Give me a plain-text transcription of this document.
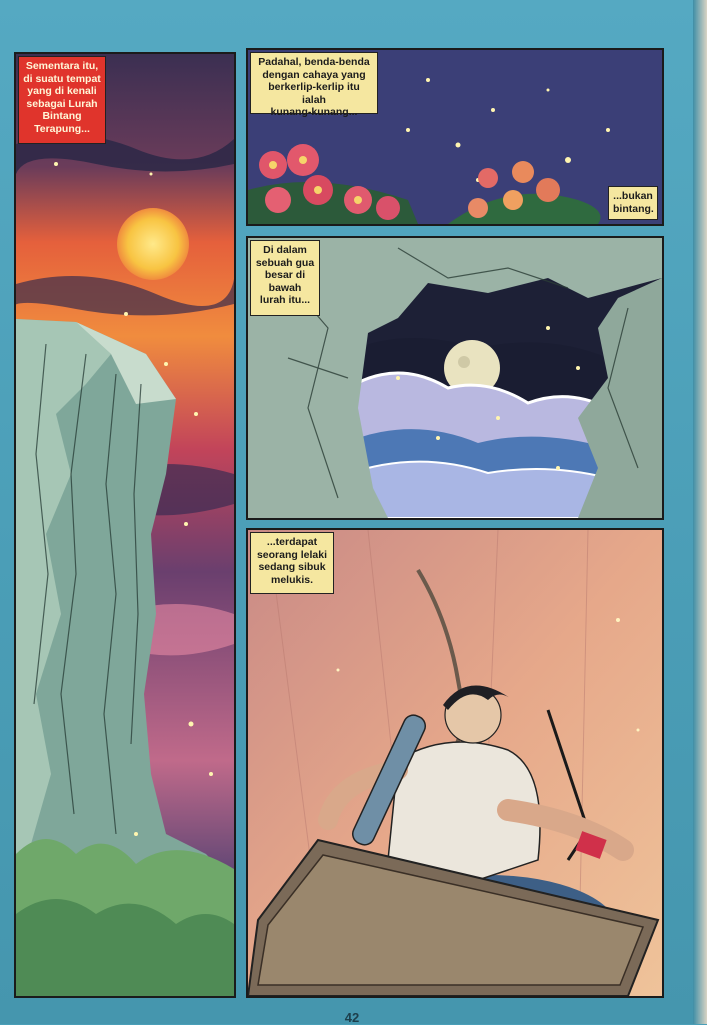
Sementara itu,
di suatu tempat
yang di kenali
sebagai Lurah
Bintang
Terapung...
Padahal, benda-benda
dengan cahaya yang
berkerlip-kerlip itu ialah
kunang-kunang...
...bukan
bintang.
Di dalam
sebuah gua
besar di
bawah
lurah itu...
...terdapat
seorang lelaki
sedang sibuk
melukis.
42
